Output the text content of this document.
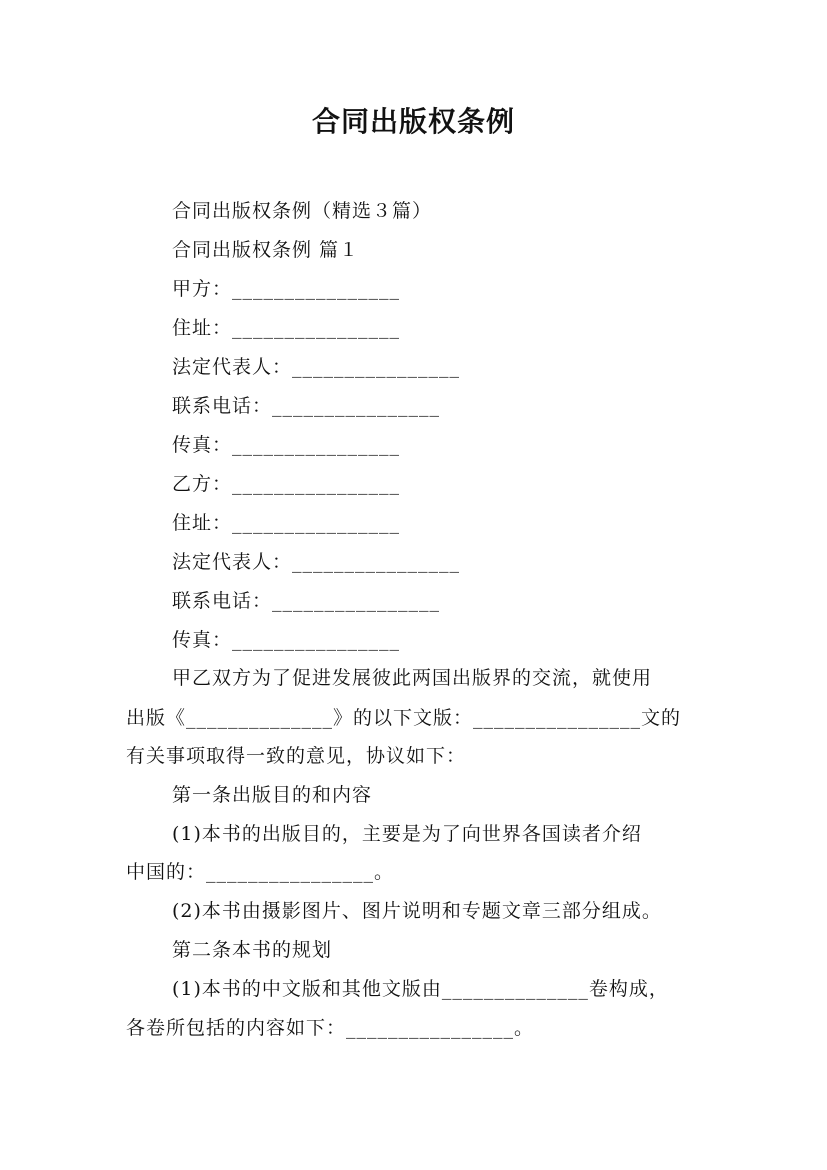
合同出版权条例
合同出版权条例（精选３篇）
合同出版权条例 篇１
甲方：________________
住址：________________
法定代表人：________________
联系电话：________________
传真：________________
乙方：________________
住址：________________
法定代表人：________________
联系电话：________________
传真：________________
甲乙双方为了促进发展彼此两国出版界的交流，就使用
出版《______________》的以下文版：________________文的
有关事项取得一致的意见，协议如下：
第一条出版目的和内容
(1)本书的出版目的，主要是为了向世界各国读者介绍
中国的：________________。
(2)本书由摄影图片、图片说明和专题文章三部分组成。
第二条本书的规划
(1)本书的中文版和其他文版由______________卷构成，
各卷所包括的内容如下：________________。
